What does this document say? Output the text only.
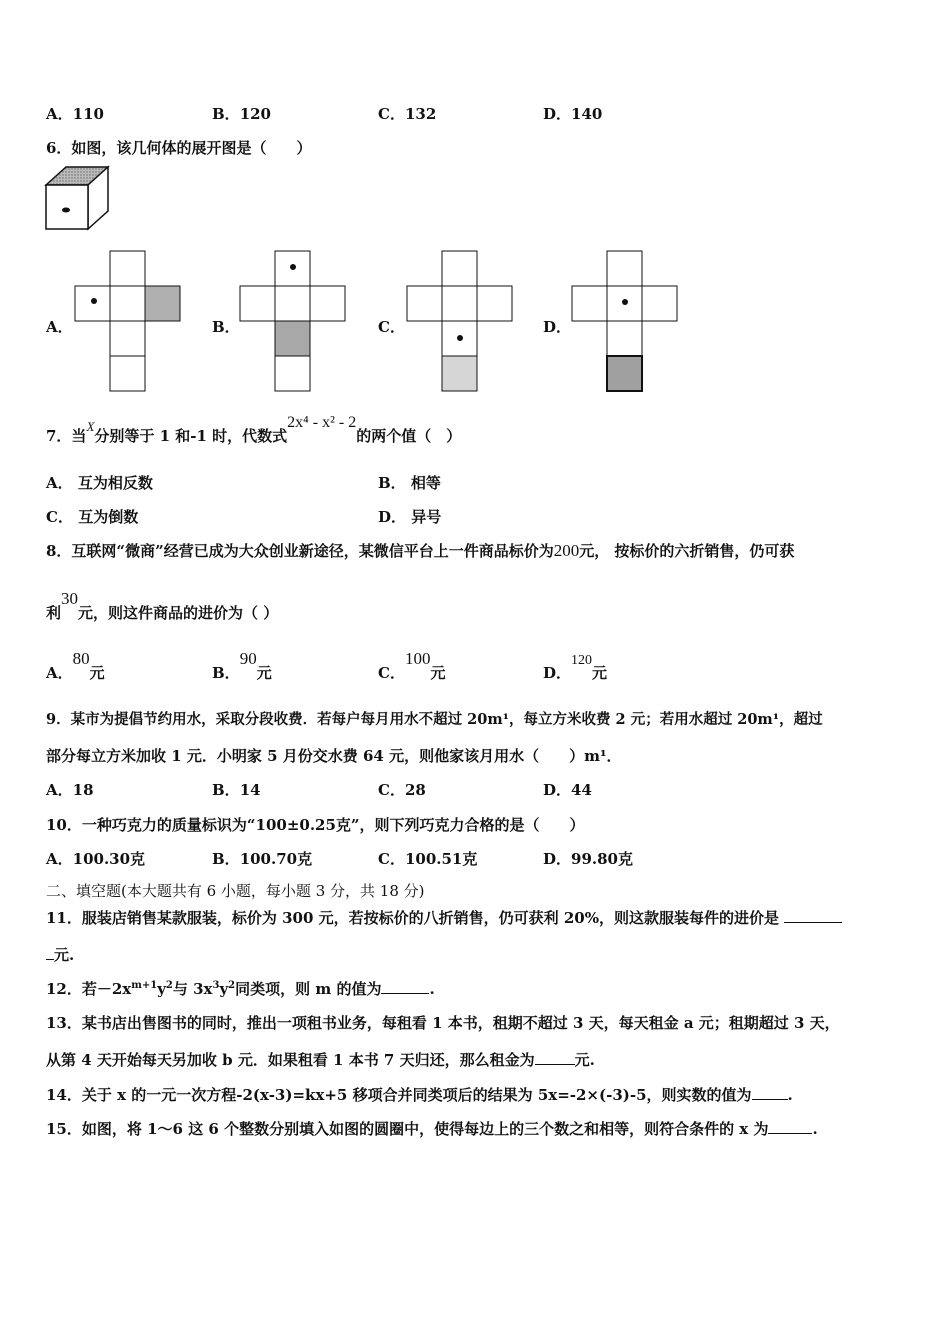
A．110	B．120	C．132	D．140
6．如图，该几何体的展开图是（　　）
A．	B．	C．	D．
7．当X分别等于 1 和-1 时，代数式2x⁴ - x² - 2的两个值（　）
A． 互为相反数	B． 相等
C． 互为倒数	D． 异号
8．互联网“微商”经营已成为大众创业新途径，某微信平台上一件商品标价为200元， 按标价的六折销售，仍可获
利30元，则这件商品的进价为（ ）
A．80元	B．90元	C．100元	D．120元
9．某市为提倡节约用水，采取分段收费．若每户每月用水不超过 20m¹，每立方米收费 2 元；若用水超过 20m¹，超过
部分每立方米加收 1 元．小明家 5 月份交水费 64 元，则他家该月用水（　　）m¹．
A．18	B．14	C．28	D．44
10．一种巧克力的质量标识为“100±0.25克”，则下列巧克力合格的是（　　）
A．100.30克	B．100.70克	C．100.51克	D．99.80克
二、填空题(本大题共有 6 小题，每小题 3 分，共 18 分)
11．服装店销售某款服装，标价为 300 元，若按标价的八折销售，仍可获利 20%，则这款服装每件的进价是
元.
12．若$-2x^{m+1}y^2$与 $3x^3y^2$同类项，则 m 的值为	.
13．某书店出售图书的同时，推出一项租书业务，每租看 1 本书，租期不超过 3 天，每天租金 a 元；租期超过 3 天，
从第 4 天开始每天另加收 b 元．如果租看 1 本书 7 天归还，那么租金为	元.
14．关于 x 的一元一次方程-2(x-3)=kx+5 移项合并同类项后的结果为 5x=-2×(-3)-5，则实数的值为 .
15．如图，将 1～6 这 6 个整数分别填入如图的圆圈中，使得每边上的三个数之和相等，则符合条件的 x 为	.
